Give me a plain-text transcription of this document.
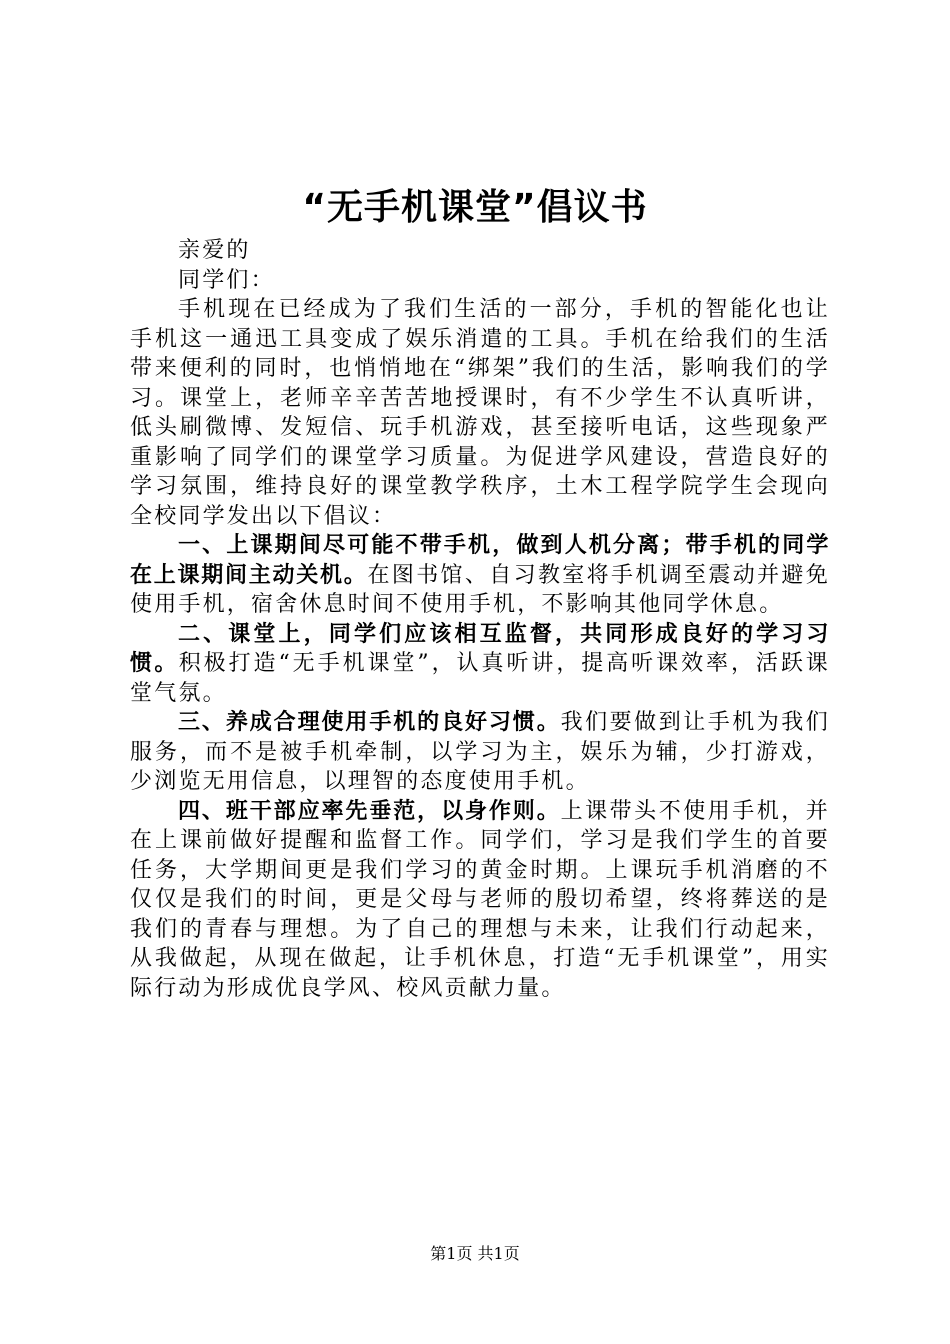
“无手机课堂”倡议书

亲爱的

同学们：

手机现在已经成为了我们生活的一部分，手机的智能化也让手机这一通迅工具变成了娱乐消遣的工具。手机在给我们的生活带来便利的同时，也悄悄地在“绑架”我们的生活，影响我们的学习。课堂上，老师辛辛苦苦地授课时，有不少学生不认真听讲，低头刷微博、发短信、玩手机游戏，甚至接听电话，这些现象严重影响了同学们的课堂学习质量。为促进学风建设，营造良好的学习氛围，维持良好的课堂教学秩序，土木工程学院学生会现向全校同学发出以下倡议：

一、上课期间尽可能不带手机，做到人机分离；带手机的同学在上课期间主动关机。在图书馆、自习教室将手机调至震动并避免使用手机，宿舍休息时间不使用手机，不影响其他同学休息。

二、课堂上，同学们应该相互监督，共同形成良好的学习习惯。积极打造“无手机课堂”，认真听讲，提高听课效率，活跃课堂气氛。

三、养成合理使用手机的良好习惯。我们要做到让手机为我们服务，而不是被手机牵制，以学习为主，娱乐为辅，少打游戏，少浏览无用信息，以理智的态度使用手机。

四、班干部应率先垂范，以身作则。上课带头不使用手机，并在上课前做好提醒和监督工作。同学们，学习是我们学生的首要任务，大学期间更是我们学习的黄金时期。上课玩手机消磨的不仅仅是我们的时间，更是父母与老师的殷切希望，终将葬送的是我们的青春与理想。为了自己的理想与未来，让我们行动起来，从我做起，从现在做起，让手机休息，打造“无手机课堂”，用实际行动为形成优良学风、校风贡献力量。

第1页 共1页
